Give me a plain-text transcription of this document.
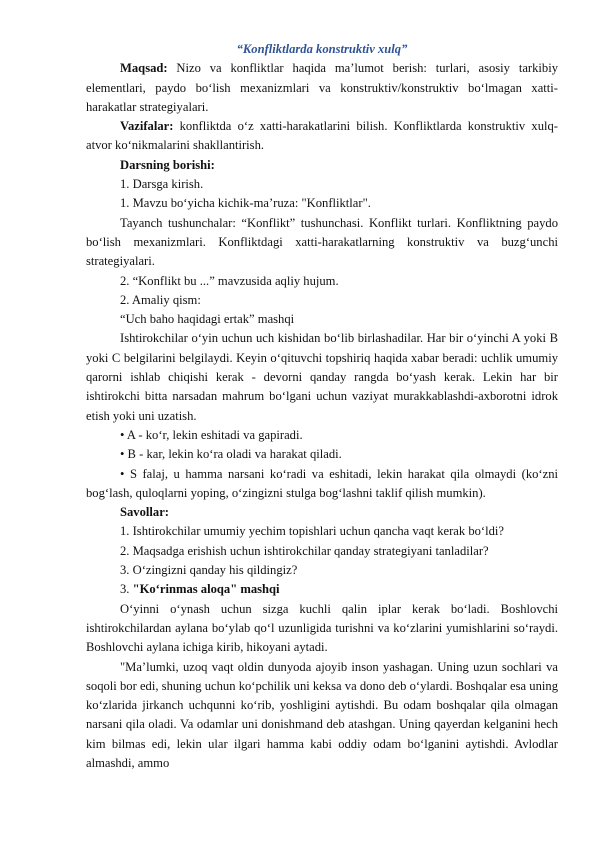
“Konfliktlarda konstruktiv xulq”

Maqsad: Nizo va konfliktlar haqida ma’lumot berish: turlari, asosiy tarkibiy elementlari, paydo bo‘lish mexanizmlari va konstruktiv/konstruktiv bo‘lmagan xatti-harakatlar strategiyalari.

Vazifalar: konfliktda o‘z xatti-harakatlarini bilish. Konfliktlarda konstruktiv xulq-atvor ko‘nikmalarini shakllantirish.

Darsning borishi:

1. Darsga kirish.

1. Mavzu bo‘yicha kichik-ma’ruza: "Konfliktlar".

Tayanch tushunchalar: “Konflikt” tushunchasi. Konflikt turlari. Konfliktning paydo bo‘lish mexanizmlari. Konfliktdagi xatti-harakatlarning konstruktiv va buzg‘unchi strategiyalari.

2. “Konflikt bu ...” mavzusida aqliy hujum.

2. Amaliy qism:

“Uch baho haqidagi ertak” mashqi

Ishtirokchilar o‘yin uchun uch kishidan bo‘lib birlashadilar. Har bir o‘yinchi A yoki B yoki C belgilarini belgilaydi. Keyin o‘qituvchi topshiriq haqida xabar beradi: uchlik umumiy qarorni ishlab chiqishi kerak - devorni qanday rangda bo‘yash kerak. Lekin har bir ishtirokchi bitta narsadan mahrum bo‘lgani uchun vaziyat murakkablashdi-axborotni idrok etish yoki uni uzatish.

• A - ko‘r, lekin eshitadi va gapiradi.

• B - kar, lekin ko‘ra oladi va harakat qiladi.

• S falaj, u hamma narsani ko‘radi va eshitadi, lekin harakat qila olmaydi (ko‘zni bog‘lash, quloqlarni yoping, o‘zingizni stulga bog‘lashni taklif qilish mumkin).

Savollar:

1. Ishtirokchilar umumiy yechim topishlari uchun qancha vaqt kerak bo‘ldi?

2. Maqsadga erishish uchun ishtirokchilar qanday strategiyani tanladilar?

3. O‘zingizni qanday his qildingiz?

3. "Ko‘rinmas aloqa" mashqi

O‘yinni o‘ynash uchun sizga kuchli qalin iplar kerak bo‘ladi. Boshlovchi ishtirokchilardan aylana bo‘ylab qo‘l uzunligida turishni va ko‘zlarini yumishlarini so‘raydi. Boshlovchi aylana ichiga kirib, hikoyani aytadi.

"Ma’lumki, uzoq vaqt oldin dunyoda ajoyib inson yashagan. Uning uzun sochlari va soqoli bor edi, shuning uchun ko‘pchilik uni keksa va dono deb o‘ylardi. Boshqalar esa uning ko‘zlarida jirkanch uchqunni ko‘rib, yoshligini aytishdi. Bu odam boshqalar qila olmagan narsani qila oladi. Va odamlar uni donishmand deb atashgan. Uning qayerdan kelganini hech kim bilmas edi, lekin ular ilgari hamma kabi oddiy odam bo‘lganini aytishdi. Avlodlar almashdi, ammo
